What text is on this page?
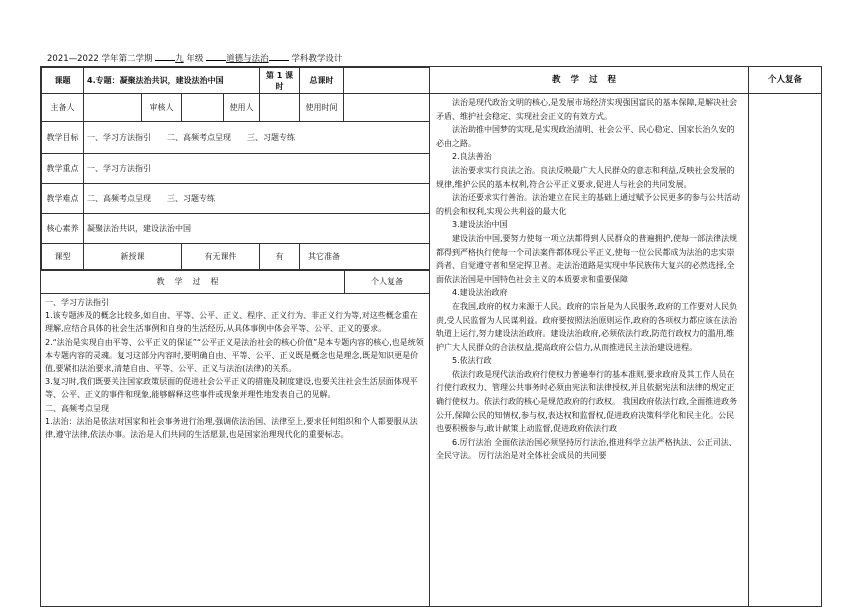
2021—2022 学年第二学期	九 年级	道德与法治	学科教学设计
课题	4.专题：凝聚法治共识，建设法治中国	第 1 课时	总课时	
主备人		审核人		使用人		使用时间	
教学目标	一、学习方法指引　　二、高频考点呈现　　三、习题专练
教学重点	一、学习方法指引
教学难点	二、高频考点呈现　　三、习题专练
核心素养	凝聚法治共识，建设法治中国
课型	新授课	有无课件	有	其它准备
教学过程	个人复备

一、学习方法指引

1.该专题涉及的概念比较多,如自由、平等、公平、正义、程序、正义行为、非正义行为等,对这些概念重在理解,应结合具体的社会生活事例和自身的生活经历,从具体事例中体会平等、公平、正义的要求。

2.“法治是实现自由平等、公平正义的保证”“公平正义是法治社会的核心价值”是本专题内容的核心,也是统领本专题内容的灵魂。复习这部分内容时,要明确自由、平等、公平、正义既是概念也是理念,既是知识更是价值,要紧扣法治要求,清楚自由、平等、公平、正义与法治(法律)的关系。

3.复习时,我们既要关注国家政策层面的促进社会公平正义的措施及制度建设,也要关注社会生活层面体现平等、公平、正义的事件和现象,能够解释这些事件或现象并理性地发表自己的见解。

二、高频考点呈现

1.法治：法治是依法对国家和社会事务进行治理,强调依法治国、法律至上,要求任何组织和个人都要服从法律,遵守法律,依法办事。法治是人们共同的生活愿景,也是国家治理现代化的重要标志。

教学过程	个人复备

法治是现代政治文明的核心,是发展市场经济实现强国富民的基本保障,是解决社会矛盾、维护社会稳定、实现社会正义的有效方式。

法治助推中国梦的实现,是实现政治清明、社会公平、民心稳定、国家长治久安的必由之路。

2.良法善治

法治要求实行良法之治。良法反映最广大人民群众的意志和利益,反映社会发展的规律,维护公民的基本权利,符合公平正义要求,促进人与社会的共同发展。

法治还要求实行善治。法治建立在民主的基础上通过赋予公民更多的参与公共活动的机会和权利,实现公共利益的最大化

3.建设法治中国

建设法治中国,要努力使每一项立法都得到人民群众的普遍拥护,使每一部法律法规都得到严格执行使每一个司法案件都体现公平正义,使每一位公民都成为法治的忠实崇尚者、自觉遵守者和坚定捍卫者。走法治道路是实现中华民族伟大复兴的必然选择,全面依法治国是中国特色社会主义的本质要求和重要保障

4.建设法治政府

在我国,政府的权力来源于人民。政府的宗旨是为人民服务,政府的工作要对人民负责,受人民监督为人民谋利益。政府要按照法治原则运作,政府的各项权力都应该在法治轨道上运行,努力建设法治政府。建设法治政府,必须依法行政,防范行政权力的滥用,维护广大人民群众的合法权益,提高政府公信力,从而推进民主法治建设进程。

5.依法行政

依法行政是现代法治政府行使权力普遍奉行的基本准则,要求政府及其工作人员在行使行政权力、管理公共事务时必须由宪法和法律授权,并且依据宪法和法律的规定正确行使权力。依法行政的核心是规范政府的行政权。 我国政府依法行政,全面推进政务公开,保障公民的知情权,参与权,表达权和监督权,促进政府决策科学化和民主化。公民也要积极参与,敢计献策上动监督,促进政府依法行政

6.厉行法治 全面依法治国必须坚持厉行法治,推进科学立法严格执法、公正司法、全民守法。 厉行法治是对全体社会成员的共同要
